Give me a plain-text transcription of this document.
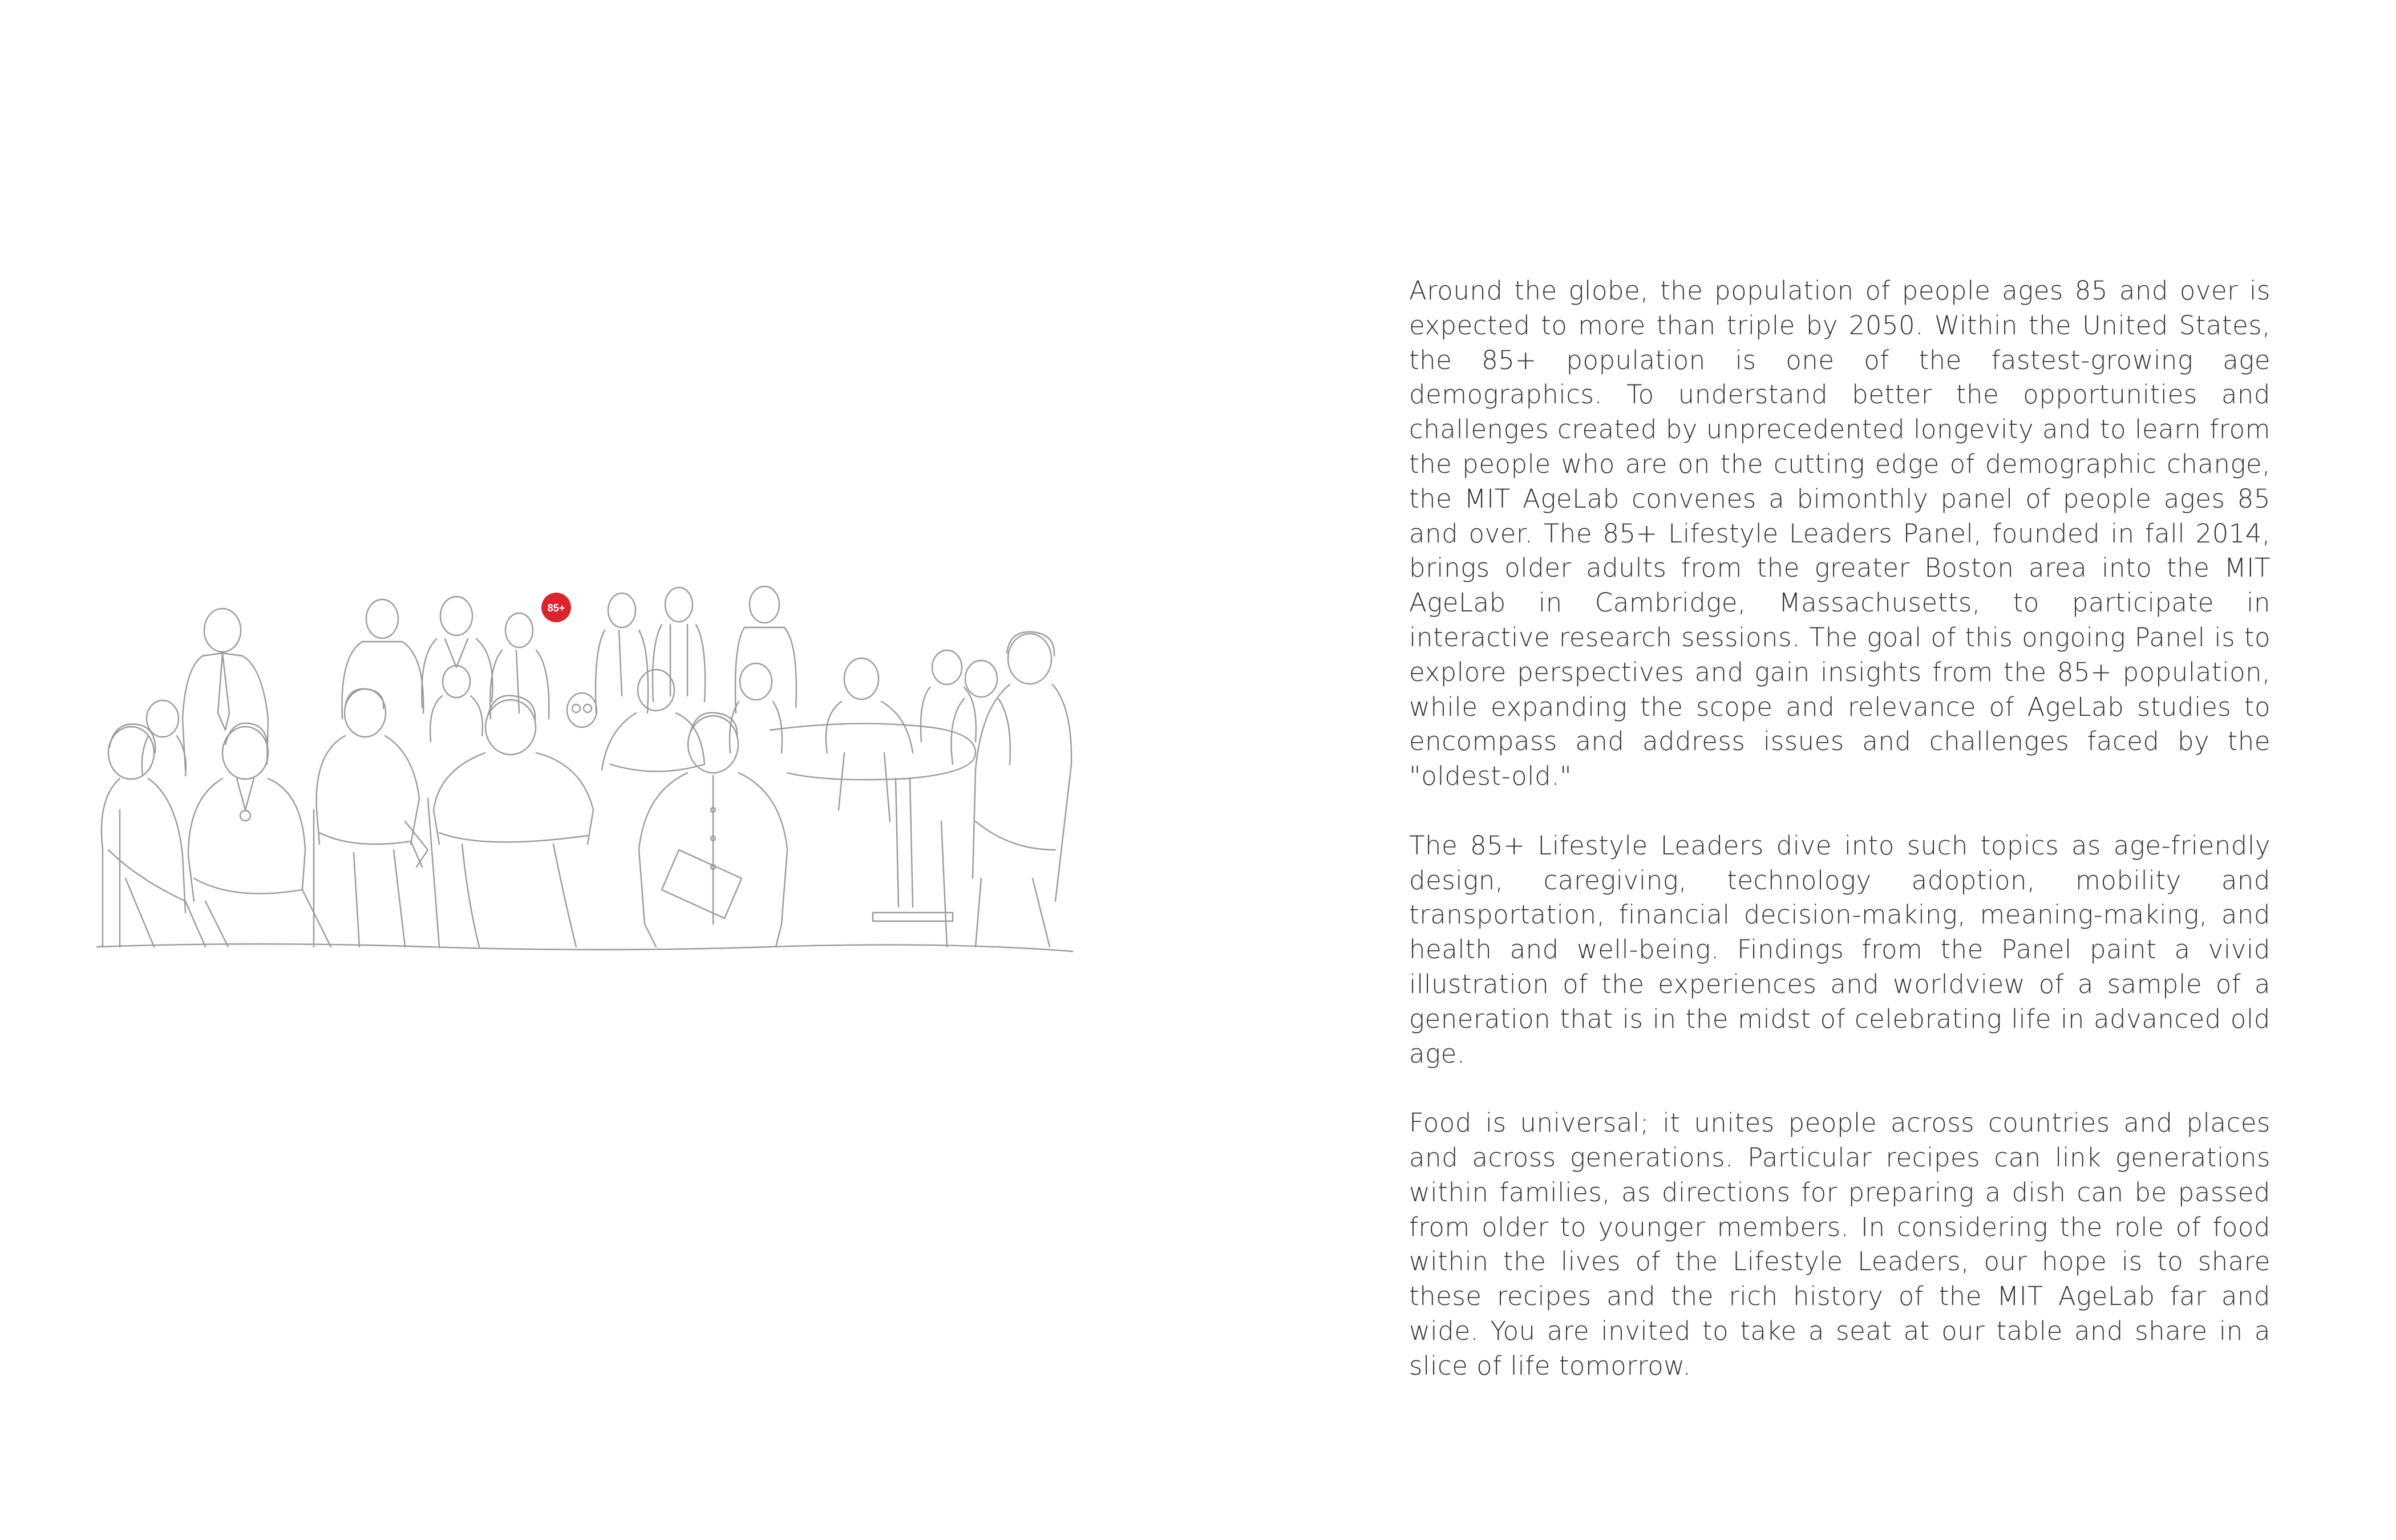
85+

Around the globe, the population of people ages 85 and over is expected to more than triple by 2050. Within the United States, the 85+ population is one of the fastest-growing age demographics. To understand better the opportunities and challenges created by unprecedented longevity and to learn from the people who are on the cutting edge of demographic change, the MIT AgeLab convenes a bimonthly panel of people ages 85 and over. The 85+ Lifestyle Leaders Panel, founded in fall 2014, brings older adults from the greater Boston area into the MIT AgeLab in Cambridge, Massachusetts, to participate in interactive research sessions. The goal of this ongoing Panel is to explore perspectives and gain insights from the 85+ population, while expanding the scope and relevance of AgeLab studies to encompass and address issues and challenges faced by the "oldest-old."

The 85+ Lifestyle Leaders dive into such topics as age-friendly design, caregiving, technology adoption, mobility and transportation, financial decision-making, meaning-making, and health and well-being. Findings from the Panel paint a vivid illustration of the experiences and worldview of a sample of a generation that is in the midst of celebrating life in advanced old age.

Food is universal; it unites people across countries and places and across generations. Particular recipes can link generations within families, as directions for preparing a dish can be passed from older to younger members. In considering the role of food within the lives of the Lifestyle Leaders, our hope is to share these recipes and the rich history of the MIT AgeLab far and wide. You are invited to take a seat at our table and share in a slice of life tomorrow.
